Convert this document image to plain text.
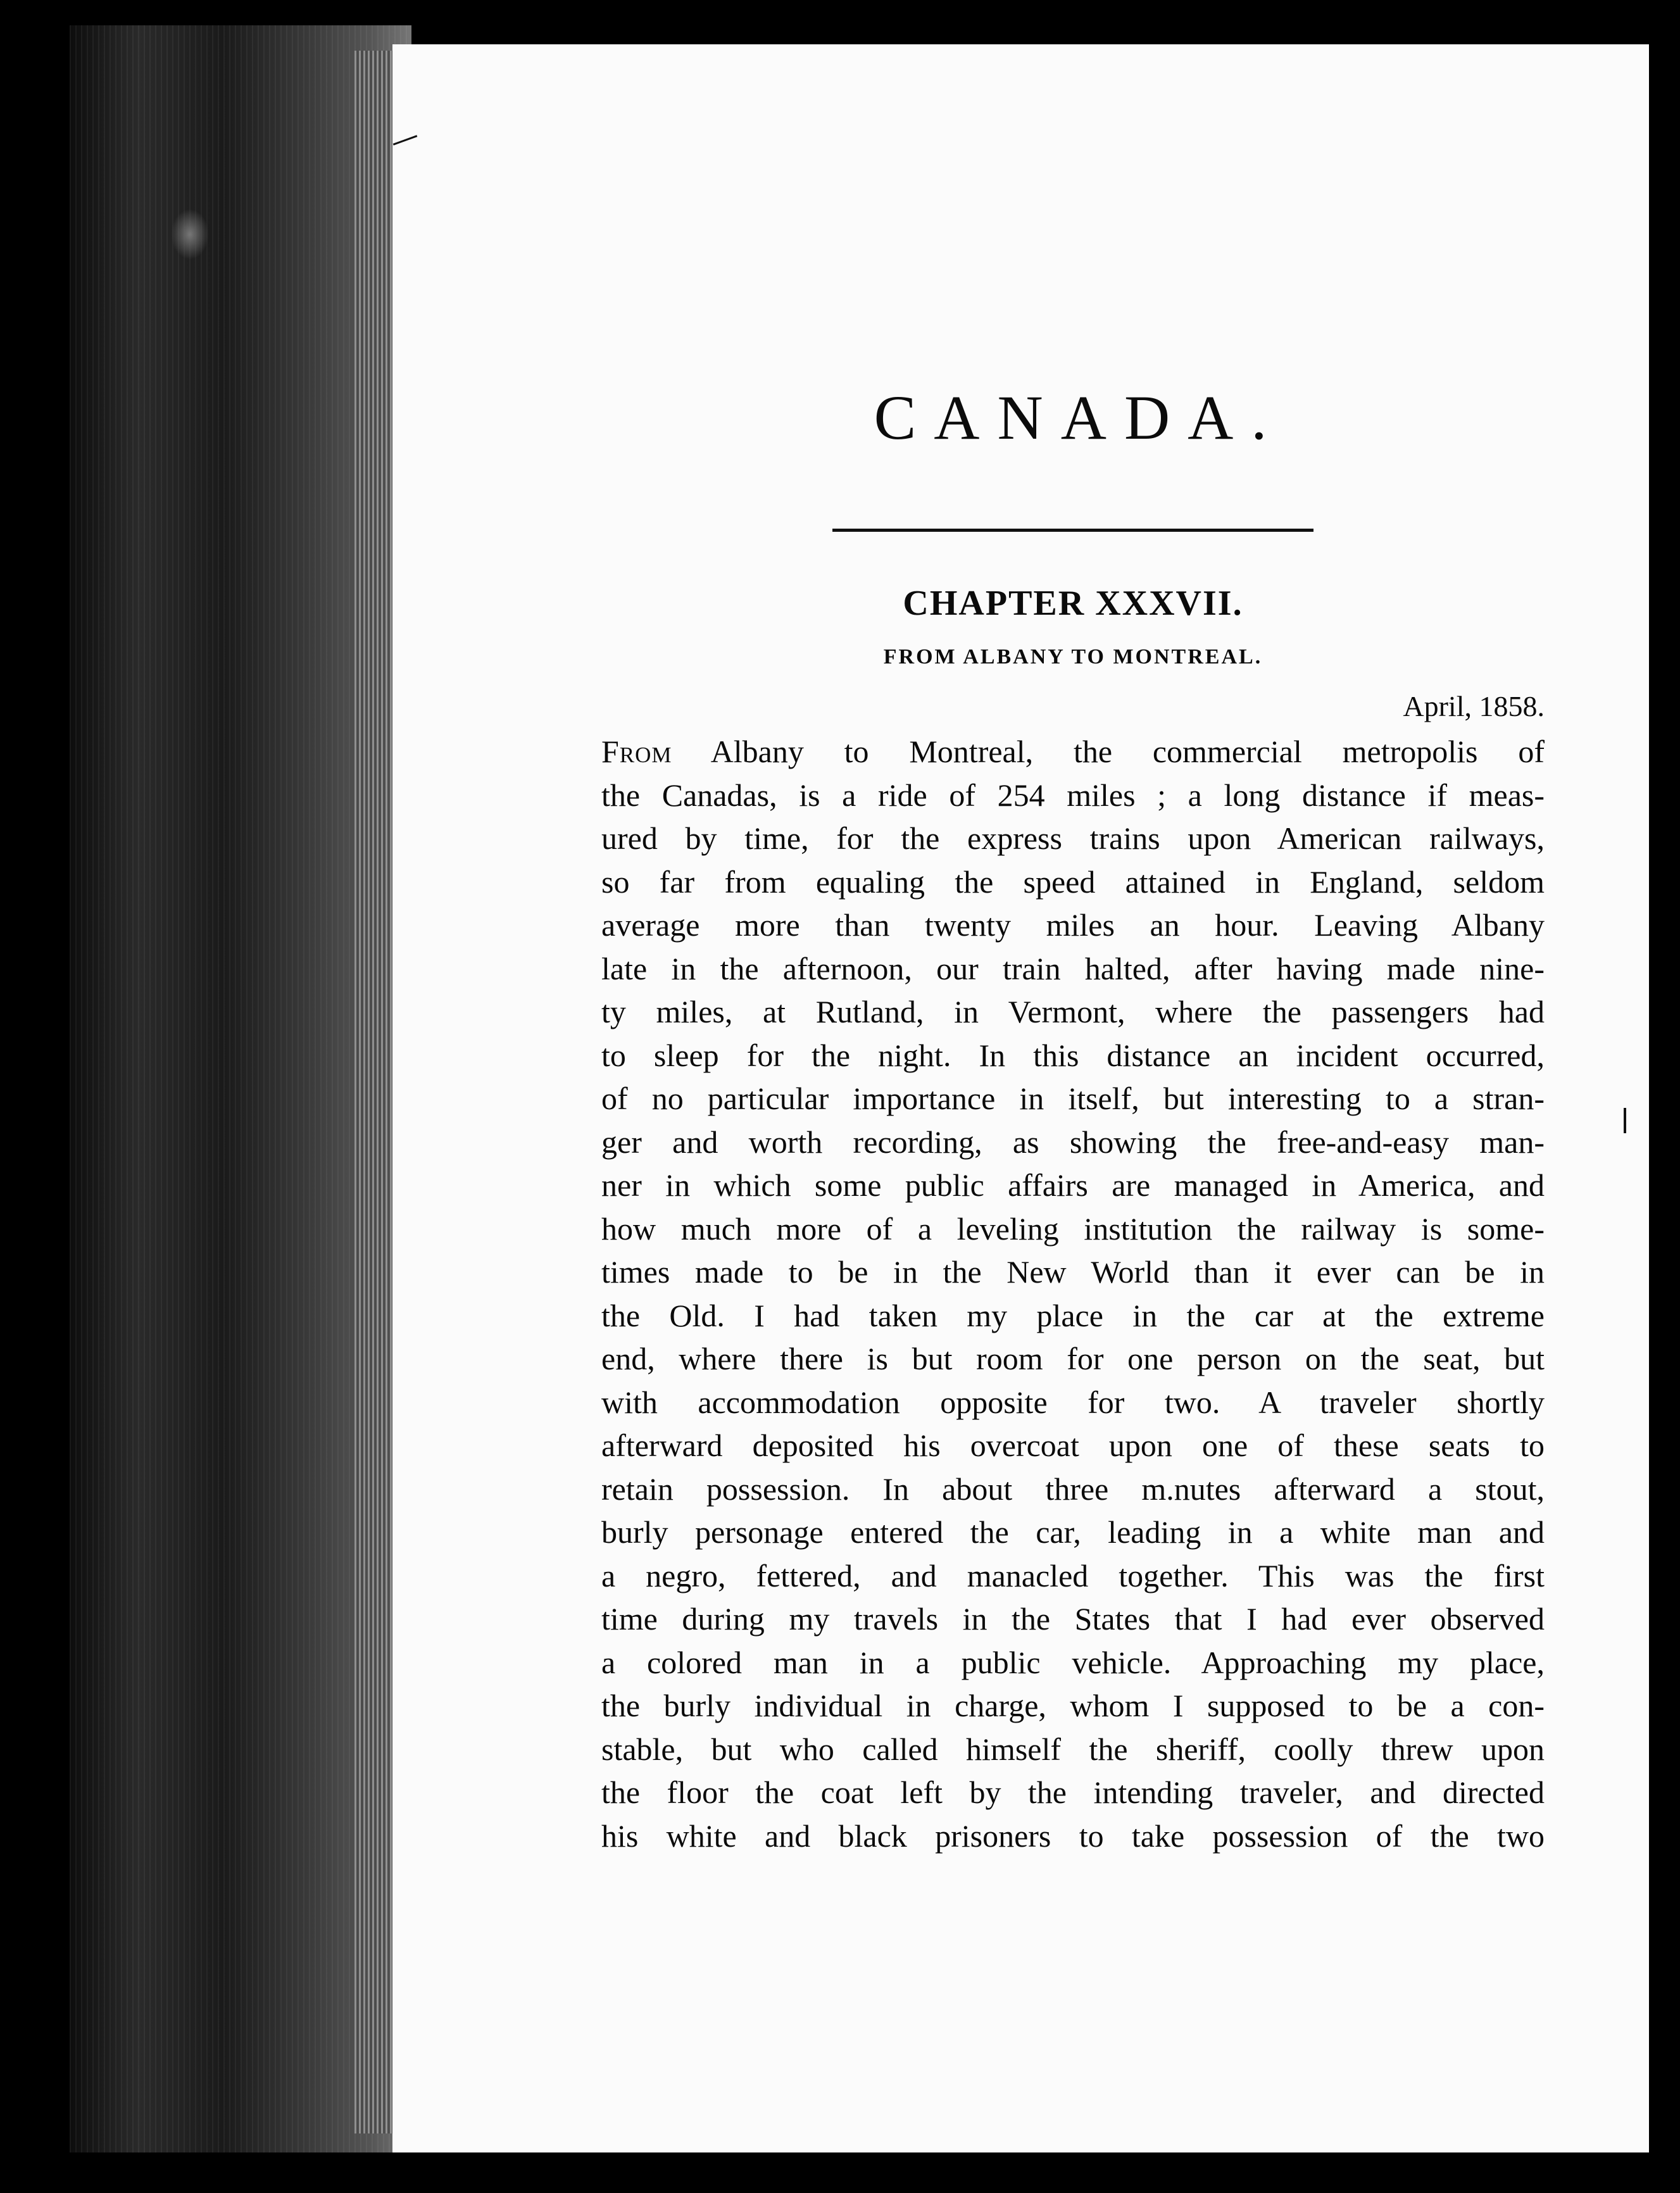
CANADA.
CHAPTER XXXVII.
FROM ALBANY TO MONTREAL.
April, 1858.
From Albany to Montreal, the commercial metropolis of
the Canadas, is a ride of 254 miles ; a long distance if meas-
ured by time, for the express trains upon American railways,
so far from equaling the speed attained in England, seldom
average more than twenty miles an hour. Leaving Albany
late in the afternoon, our train halted, after having made nine-
ty miles, at Rutland, in Vermont, where the passengers had
to sleep for the night. In this distance an incident occurred,
of no particular importance in itself, but interesting to a stran-
ger and worth recording, as showing the free-and-easy man-
ner in which some public affairs are managed in America, and
how much more of a leveling institution the railway is some-
times made to be in the New World than it ever can be in
the Old. I had taken my place in the car at the extreme
end, where there is but room for one person on the seat, but
with accommodation opposite for two. A traveler shortly
afterward deposited his overcoat upon one of these seats to
retain possession. In about three m.nutes afterward a stout,
burly personage entered the car, leading in a white man and
a negro, fettered, and manacled together. This was the first
time during my travels in the States that I had ever observed
a colored man in a public vehicle. Approaching my place,
the burly individual in charge, whom I supposed to be a con-
stable, but who called himself the sheriff, coolly threw upon
the floor the coat left by the intending traveler, and directed
his white and black prisoners to take possession of the two
